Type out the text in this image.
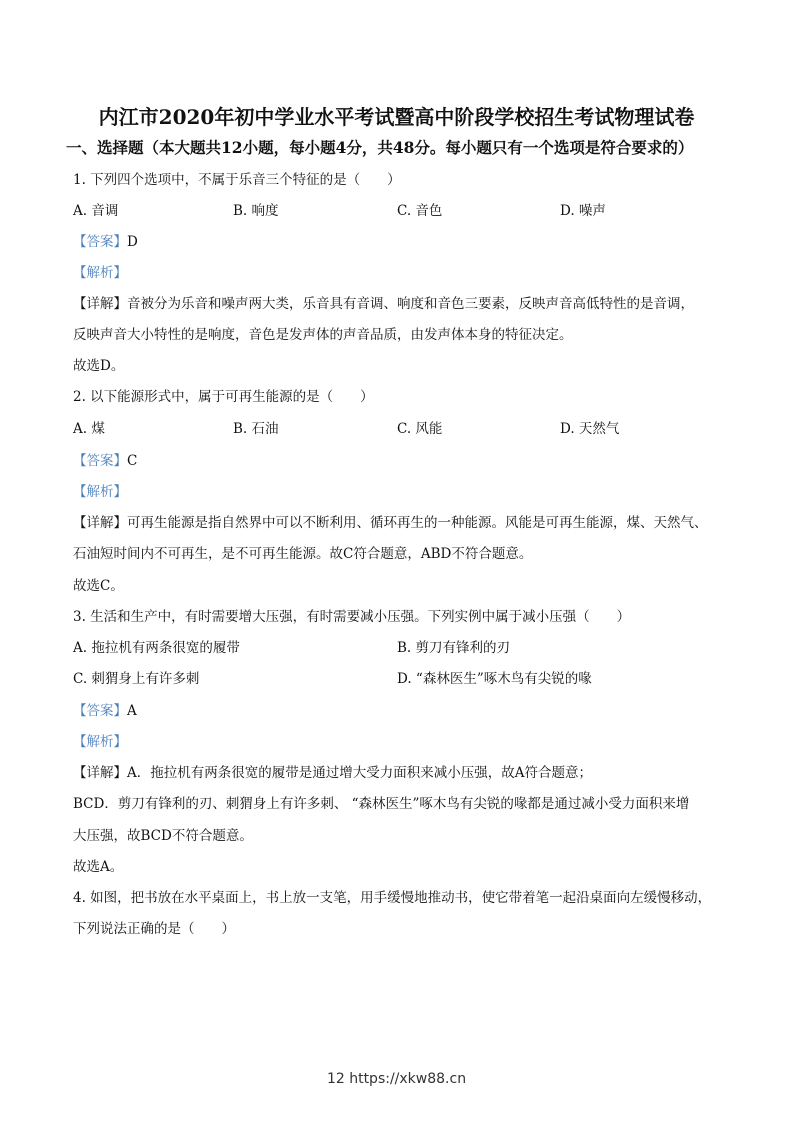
内江市2020年初中学业水平考试暨高中阶段学校招生考试物理试卷
一、选择题（本大题共12小题，每小题4分，共48分。每小题只有一个选项是符合要求的）
1. 下列四个选项中，不属于乐音三个特征的是（　　）
A. 音调	B. 响度	C. 音色	D. 噪声
【答案】D
【解析】
【详解】音被分为乐音和噪声两大类，乐音具有音调、响度和音色三要素，反映声音高低特性的是音调，
反映声音大小特性的是响度，音色是发声体的声音品质，由发声体本身的特征决定。
故选D。
2. 以下能源形式中，属于可再生能源的是（　　）
A. 煤	B. 石油	C. 风能	D. 天然气
【答案】C
【解析】
【详解】可再生能源是指自然界中可以不断利用、循环再生的一种能源。风能是可再生能源，煤、天然气、
石油短时间内不可再生，是不可再生能源。故C符合题意，ABD不符合题意。
故选C。
3. 生活和生产中，有时需要增大压强，有时需要减小压强。下列实例中属于减小压强（　　）
A. 拖拉机有两条很宽的履带	B. 剪刀有锋利的刃
C. 刺猬身上有许多刺	D. “森林医生”啄木鸟有尖锐的喙
【答案】A
【解析】
【详解】A．拖拉机有两条很宽的履带是通过增大受力面积来减小压强，故A符合题意；
BCD．剪刀有锋利的刃、刺猬身上有许多刺、 “森林医生”啄木鸟有尖锐的喙都是通过减小受力面积来增
大压强，故BCD不符合题意。
故选A。
4. 如图，把书放在水平桌面上，书上放一支笔，用手缓慢地推动书，使它带着笔一起沿桌面向左缓慢移动，
下列说法正确的是（　　）
12 https://xkw88.cn
